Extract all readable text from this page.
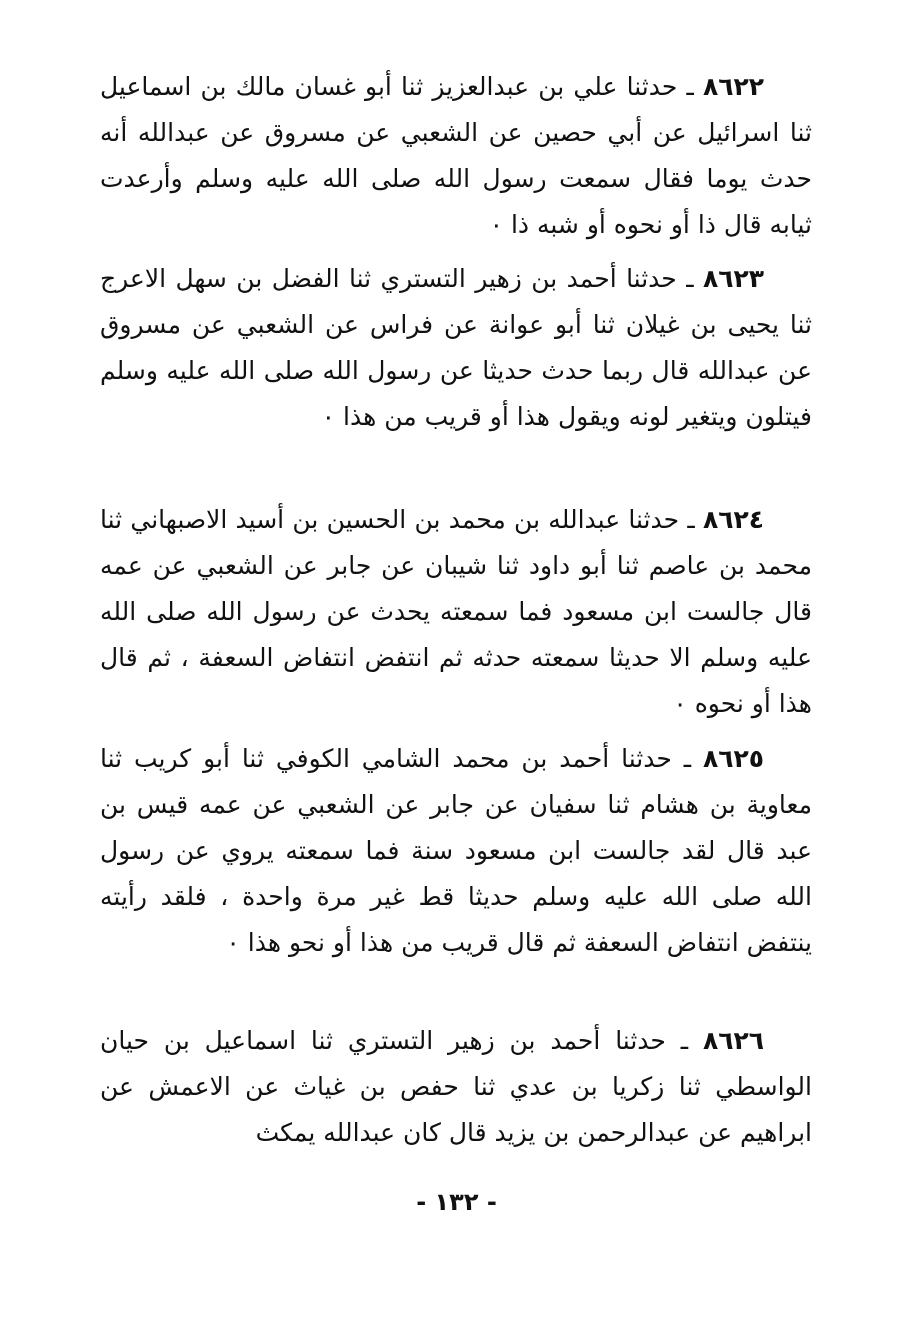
٨٦٢٢ ـ حدثنا علي بن عبدالعزيز ثنا أبو غسان مالك بن اسماعيل ثنا اسرائيل عن أبي حصين عن الشعبي عن مسروق عن عبدالله أنه حدث يوما فقال سمعت رسول الله صلى الله عليه وسلم وأرعدت ثيابه قال ذا أو نحوه أو شبه ذا ٠

٨٦٢٣ ـ حدثنا أحمد بن زهير التستري ثنا الفضل بن سهل الاعرج ثنا يحيى بن غيلان ثنا أبو عوانة عن فراس عن الشعبي عن مسروق عن عبدالله قال ربما حدث حديثا عن رسول الله صلى الله عليه وسلم فيتلون ويتغير لونه ويقول هذا أو قريب من هذا ٠

٨٦٢٤ ـ حدثنا عبدالله بن محمد بن الحسين بن أسيد الاصبهاني ثنا محمد بن عاصم ثنا أبو داود ثنا شيبان عن جابر عن الشعبي عن عمه قال جالست ابن مسعود فما سمعته يحدث عن رسول الله صلى الله عليه وسلم الا حديثا سمعته حدثه ثم انتفض انتفاض السعفة ، ثم قال هذا أو نحوه ٠

٨٦٢٥ ـ حدثنا أحمد بن محمد الشامي الكوفي ثنا أبو كريب ثنا معاوية بن هشام ثنا سفيان عن جابر عن الشعبي عن عمه قيس بن عبد قال لقد جالست ابن مسعود سنة فما سمعته يروي عن رسول الله صلى الله عليه وسلم حديثا قط غير مرة واحدة ، فلقد رأيته ينتفض انتفاض السعفة ثم قال قريب من هذا أو نحو هذا ٠

٨٦٢٦ ـ حدثنا أحمد بن زهير التستري ثنا اسماعيل بن حيان الواسطي ثنا زكريا بن عدي ثنا حفص بن غياث عن الاعمش عن ابراهيم عن عبدالرحمن بن يزيد قال كان عبدالله يمكث

- ١٣٢ -
